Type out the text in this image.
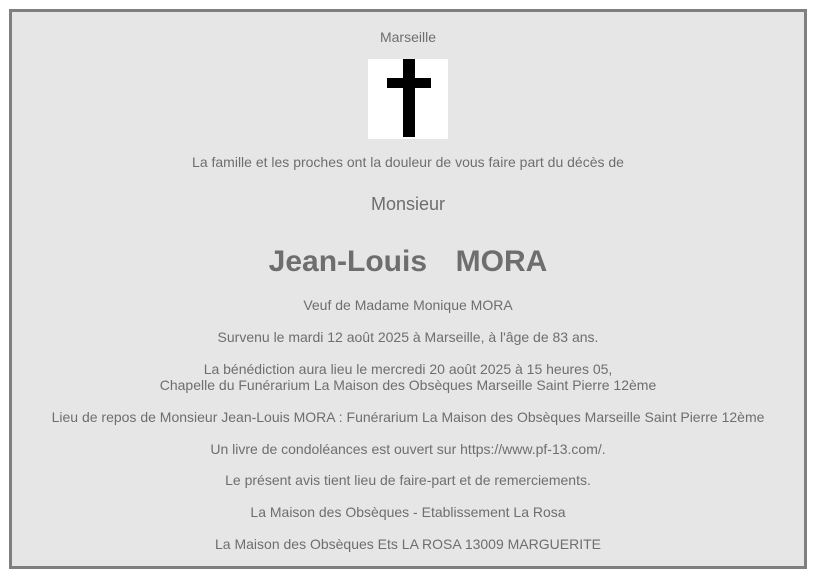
Marseille
La famille et les proches ont la douleur de vous faire part du décès de
Monsieur
Jean-Louis  MORA
Veuf de Madame Monique MORA
Survenu le mardi 12 août 2025 à Marseille, à l'âge de 83 ans.
La bénédiction aura lieu le mercredi 20 août 2025 à 15 heures 05,
Chapelle du Funérarium La Maison des Obsèques Marseille Saint Pierre 12ème
Lieu de repos de Monsieur Jean-Louis MORA : Funérarium La Maison des Obsèques Marseille Saint Pierre 12ème
Un livre de condoléances est ouvert sur https://www.pf-13.com/.
Le présent avis tient lieu de faire-part et de remerciements.
La Maison des Obsèques - Etablissement La Rosa
La Maison des Obsèques Ets LA ROSA 13009 MARGUERITE
